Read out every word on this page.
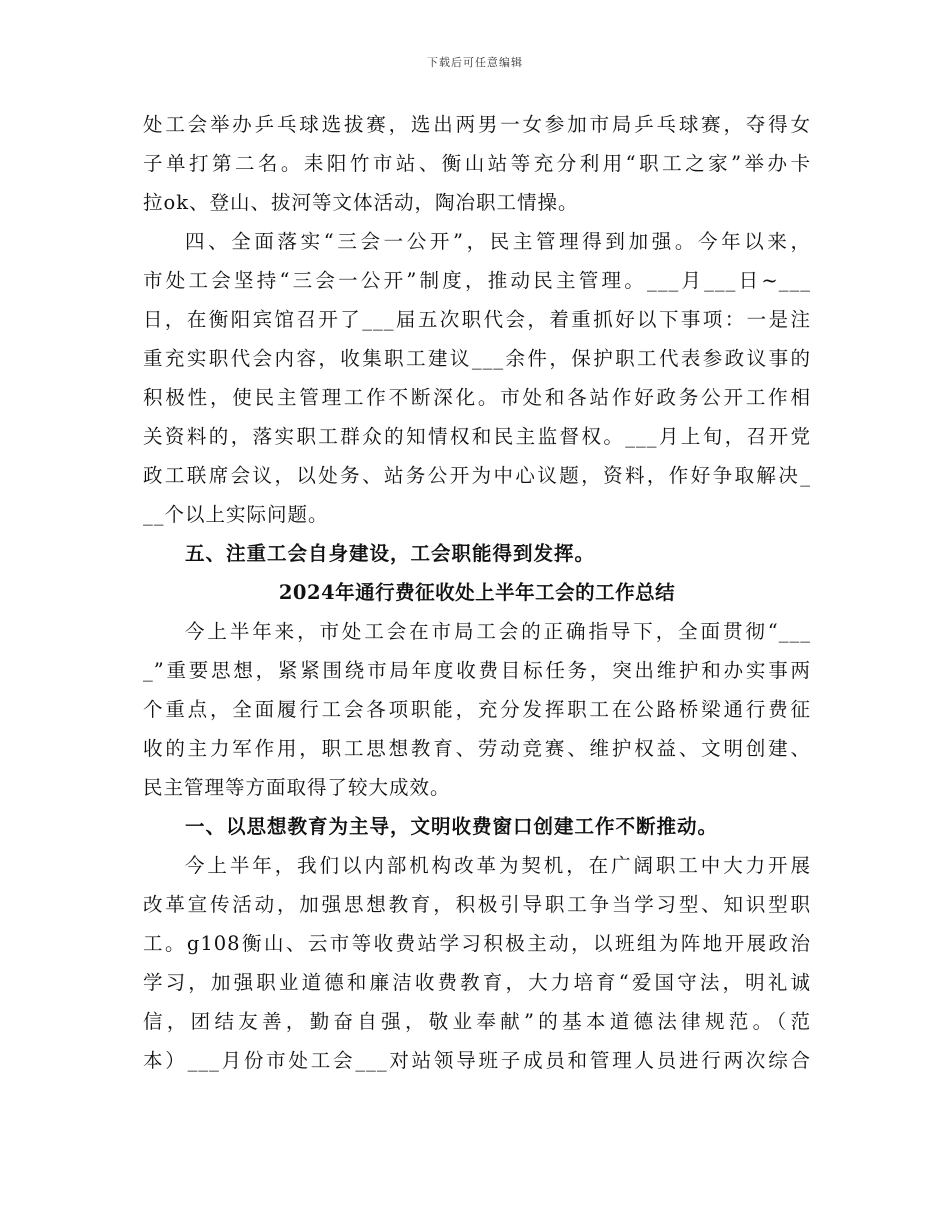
下载后可任意编辑
处工会举办乒乓球选拔赛，选出两男一女参加市局乒乓球赛，夺得女
子单打第二名。耒阳竹市站、衡山站等充分利用“职工之家”举办卡
拉ok、登山、拔河等文体活动，陶冶职工情操。
四、全面落实“三会一公开”，民主管理得到加强。今年以来，
市处工会坚持“三会一公开”制度，推动民主管理。___月___日~___
日，在衡阳宾馆召开了___届五次职代会，着重抓好以下事项：一是注
重充实职代会内容，收集职工建议___余件，保护职工代表参政议事的
积极性，使民主管理工作不断深化。市处和各站作好政务公开工作相
关资料的，落实职工群众的知情权和民主监督权。___月上旬，召开党
政工联席会议，以处务、站务公开为中心议题，资料，作好争取解决_
__个以上实际问题。
五、注重工会自身建设，工会职能得到发挥。
2024年通行费征收处上半年工会的工作总结
今上半年来，市处工会在市局工会的正确指导下，全面贯彻“___
_”重要思想，紧紧围绕市局年度收费目标任务，突出维护和办实事两
个重点，全面履行工会各项职能，充分发挥职工在公路桥梁通行费征
收的主力军作用，职工思想教育、劳动竞赛、维护权益、文明创建、
民主管理等方面取得了较大成效。
一、以思想教育为主导，文明收费窗口创建工作不断推动。
今上半年，我们以内部机构改革为契机，在广阔职工中大力开展
改革宣传活动，加强思想教育，积极引导职工争当学习型、知识型职
工。g108衡山、云市等收费站学习积极主动，以班组为阵地开展政治
学习，加强职业道德和廉洁收费教育，大力培育“爱国守法，明礼诚
信，团结友善，勤奋自强，敬业奉献”的基本道德法律规范。（范
本）___月份市处工会___对站领导班子成员和管理人员进行两次综合
